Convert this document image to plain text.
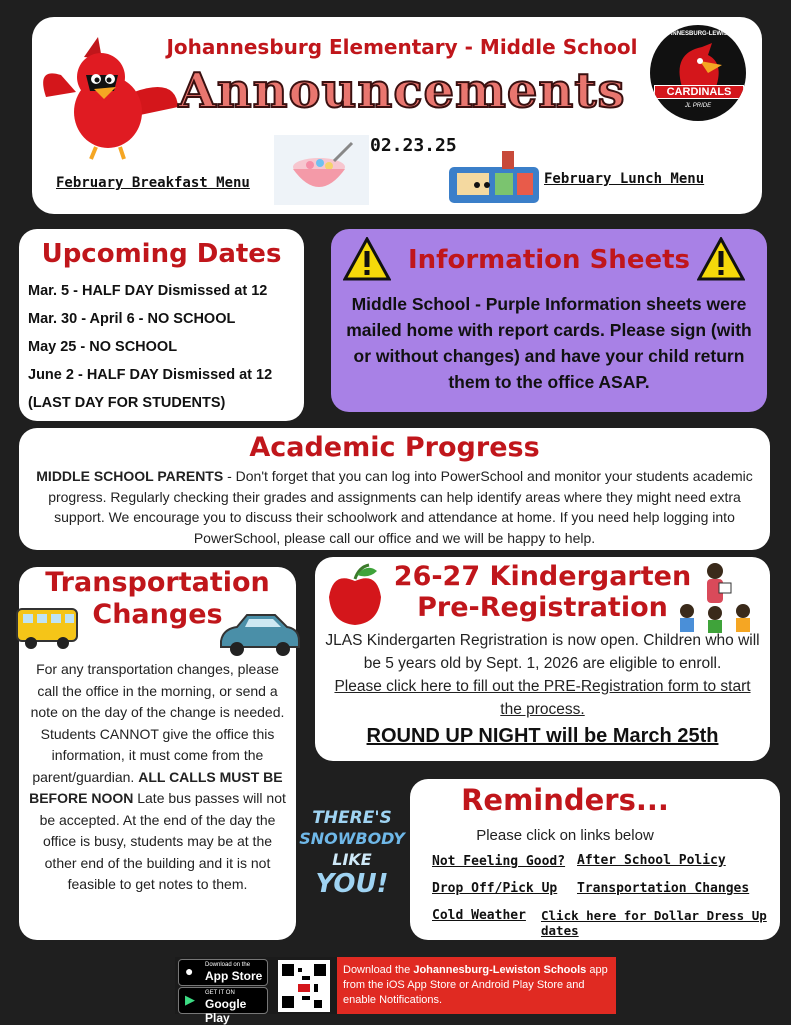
Johannesburg Elementary - Middle School
Announcements
02.23.25
February Breakfast Menu	February Lunch Menu
JOHANNESBURG-LEWISTON
CARDINALS
JL PRIDE
Upcoming Dates
Mar. 5 - HALF DAY Dismissed at 12
Mar. 30 - April 6 - NO SCHOOL
May 25 - NO SCHOOL
June 2 - HALF DAY Dismissed at 12
(LAST DAY FOR STUDENTS)
Information Sheets
Middle School - Purple Information sheets were mailed home with report cards. Please sign (with or without changes) and have your child return them to the office ASAP.
Academic Progress

MIDDLE SCHOOL PARENTS - Don't forget that you can log into PowerSchool and monitor your students academic progress. Regularly checking their grades and assignments can help identify areas where they might need extra support. We encourage you to discuss their schoolwork and attendance at home. If you need help logging into PowerSchool, please call our office and we will be happy to help.

Transportation
Changes

For any transportation changes, please call the office in the morning, or send a note on the day of the change is needed. Students CANNOT give the office this information, it must come from the parent/guardian. ALL CALLS MUST BE BEFORE NOON Late bus passes will not be accepted. At the end of the day the office is busy, students may be at the other end of the building and it is not feasible to get notes to them.

26-27 Kindergarten
Pre-Registration

JLAS Kindergarten Regristration is now open. Children who will be 5 years old by Sept. 1, 2026 are eligible to enroll.

Please click here to fill out the PRE-Registration form to start the process.

ROUND UP NIGHT will be March 25th
THERE'S
SNOWBODY
LIKE
YOU!
Reminders...
Please click on links below
Not Feeling Good? After School Policy
Drop Off/Pick Up Transportation Changes
Cold Weather Click here for Dollar Dress Up dates
● Download on the
App Store
▶ GET IT ON
Google Play
Download the Johannesburg-Lewiston Schools app from the iOS App Store or Android Play Store and enable Notifications.
